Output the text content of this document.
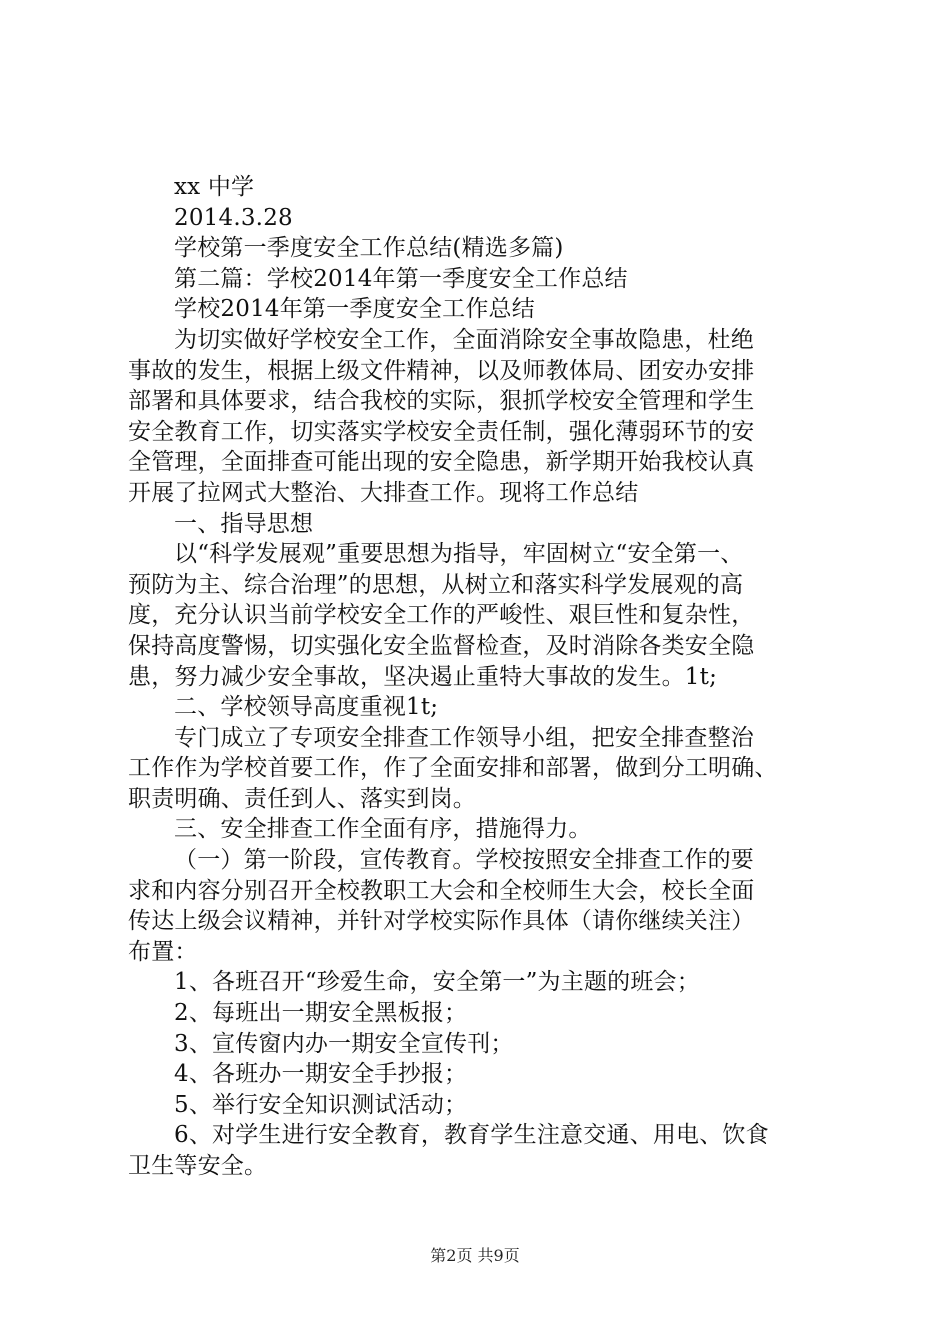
xx 中学
2014.3.28
学校第一季度安全工作总结(精选多篇)
第二篇：学校2014年第一季度安全工作总结
学校2014年第一季度安全工作总结
为切实做好学校安全工作，全面消除安全事故隐患，杜绝
事故的发生，根据上级文件精神，以及师教体局、团安办安排
部署和具体要求，结合我校的实际，狠抓学校安全管理和学生
安全教育工作，切实落实学校安全责任制，强化薄弱环节的安
全管理，全面排查可能出现的安全隐患，新学期开始我校认真
开展了拉网式大整治、大排查工作。现将工作总结
一、指导思想
以“科学发展观”重要思想为指导，牢固树立“安全第一、
预防为主、综合治理”的思想，从树立和落实科学发展观的高
度，充分认识当前学校安全工作的严峻性、艰巨性和复杂性，
保持高度警惕，切实强化安全监督检查，及时消除各类安全隐
患，努力减少安全事故，坚决遏止重特大事故的发生。1t;
二、学校领导高度重视1t;
专门成立了专项安全排查工作领导小组，把安全排查整治
工作作为学校首要工作，作了全面安排和部署，做到分工明确、
职责明确、责任到人、落实到岗。
三、安全排查工作全面有序，措施得力。
（一）第一阶段，宣传教育。学校按照安全排查工作的要
求和内容分别召开全校教职工大会和全校师生大会，校长全面
传达上级会议精神，并针对学校实际作具体（请你继续关注）
布置：
1、各班召开“珍爱生命，安全第一”为主题的班会；
2、每班出一期安全黑板报；
3、宣传窗内办一期安全宣传刊；
4、各班办一期安全手抄报；
5、举行安全知识测试活动；
6、对学生进行安全教育，教育学生注意交通、用电、饮食
卫生等安全。
第2页 共9页
